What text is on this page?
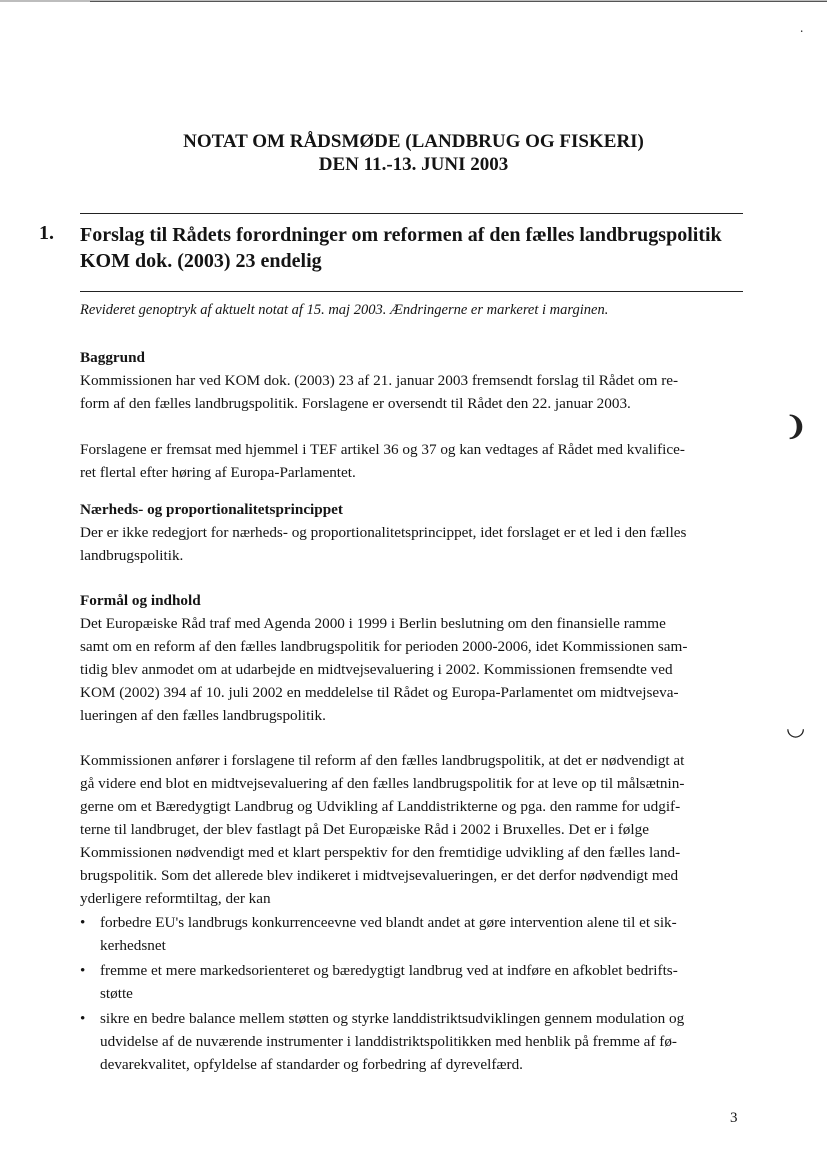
˙
❩
◡
NOTAT OM RÅDSMØDE (LANDBRUG OG FISKERI)
DEN 11.-13. JUNI 2003
1. Forslag til Rådets forordninger om reformen af den fælles landbrugspolitik
KOM dok. (2003) 23 endelig
Revideret genoptryk af aktuelt notat af 15. maj 2003. Ændringerne er markeret i marginen.
Baggrund
Kommissionen har ved KOM dok. (2003) 23 af 21. januar 2003 fremsendt forslag til Rådet om re-
form af den fælles landbrugspolitik. Forslagene er oversendt til Rådet den 22. januar 2003.
Forslagene er fremsat med hjemmel i TEF artikel 36 og 37 og kan vedtages af Rådet med kvalifice-
ret flertal efter høring af Europa-Parlamentet.
Nærheds- og proportionalitetsprincippet
Der er ikke redegjort for nærheds- og proportionalitetsprincippet, idet forslaget er et led i den fælles
landbrugspolitik.
Formål og indhold
Det Europæiske Råd traf med Agenda 2000 i 1999 i Berlin beslutning om den finansielle ramme
samt om en reform af den fælles landbrugspolitik for perioden 2000-2006, idet Kommissionen sam-
tidig blev anmodet om at udarbejde en midtvejsevaluering i 2002. Kommissionen fremsendte ved
KOM (2002) 394 af 10. juli 2002 en meddelelse til Rådet og Europa-Parlamentet om midtvejseva-
lueringen af den fælles landbrugspolitik.
Kommissionen anfører i forslagene til reform af den fælles landbrugspolitik, at det er nødvendigt at
gå videre end blot en midtvejsevaluering af den fælles landbrugspolitik for at leve op til målsætnin-
gerne om et Bæredygtigt Landbrug og Udvikling af Landdistrikterne og pga. den ramme for udgif-
terne til landbruget, der blev fastlagt på Det Europæiske Råd i 2002 i Bruxelles. Det er i følge
Kommissionen nødvendigt med et klart perspektiv for den fremtidige udvikling af den fælles land-
brugspolitik. Som det allerede blev indikeret i midtvejsevalueringen, er det derfor nødvendigt med
yderligere reformtiltag, der kan
• forbedre EU's landbrugs konkurrenceevne ved blandt andet at gøre intervention alene til et sik-
kerhedsnet
• fremme et mere markedsorienteret og bæredygtigt landbrug ved at indføre en afkoblet bedrifts-
støtte
• sikre en bedre balance mellem støtten og styrke landdistriktsudviklingen gennem modulation og
udvidelse af de nuværende instrumenter i landdistriktspolitikken med henblik på fremme af fø-
devarekvalitet, opfyldelse af standarder og forbedring af dyrevelfærd.
3
